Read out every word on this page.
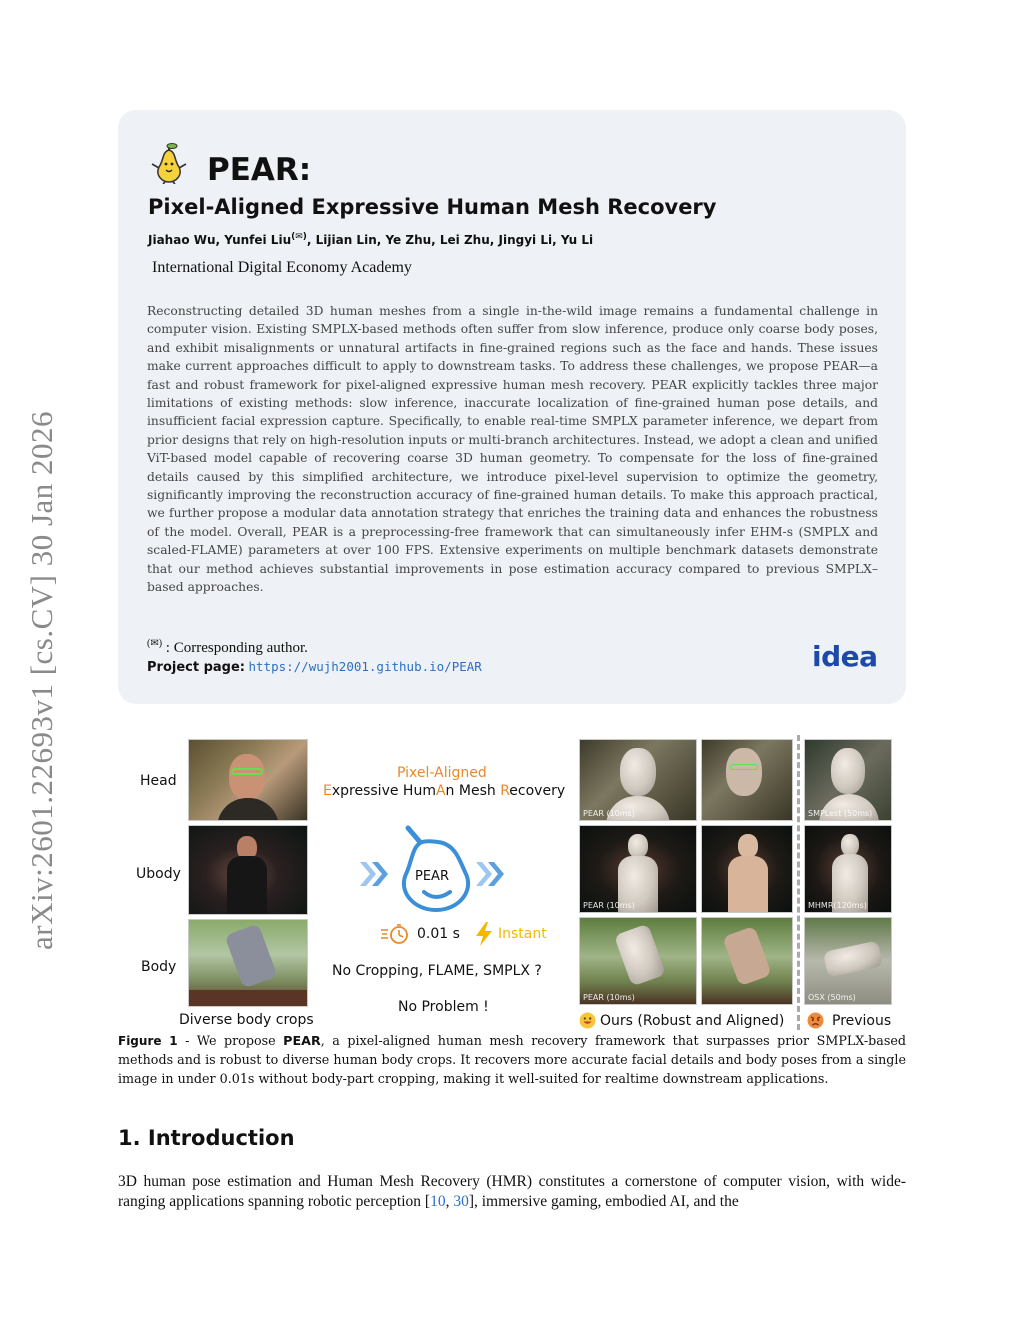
arXiv:2601.22693v1 [cs.CV] 30 Jan 2026
PEAR:
Pixel-Aligned Expressive Human Mesh Recovery
Jiahao Wu, Yunfei Liu(✉), Lijian Lin, Ye Zhu, Lei Zhu, Jingyi Li, Yu Li
International Digital Economy Academy
Reconstructing detailed 3D human meshes from a single in-the-wild image remains a fundamental challenge in computer vision. Existing SMPLX-based methods often suffer from slow inference, produce only coarse body poses, and exhibit misalignments or unnatural artifacts in fine-grained regions such as the face and hands. These issues make current approaches difficult to apply to downstream tasks. To address these challenges, we propose PEAR—a fast and robust framework for pixel-aligned expressive human mesh recovery. PEAR explicitly tackles three major limitations of existing methods: slow inference, inaccurate localization of fine-grained human pose details, and insufficient facial expression capture. Specifically, to enable real-time SMPLX parameter inference, we depart from prior designs that rely on high-resolution inputs or multi-branch architectures. Instead, we adopt a clean and unified ViT-based model capable of recovering coarse 3D human geometry. To compensate for the loss of fine-grained details caused by this simplified architecture, we introduce pixel-level supervision to optimize the geometry, significantly improving the reconstruction accuracy of fine-grained human details. To make this approach practical, we further propose a modular data annotation strategy that enriches the training data and enhances the robustness of the model. Overall, PEAR is a preprocessing-free framework that can simultaneously infer EHM-s (SMPLX and scaled-FLAME) parameters at over 100 FPS. Extensive experiments on multiple benchmark datasets demonstrate that our method achieves substantial improvements in pose estimation accuracy compared to previous SMPLX–based approaches.
(✉) : Corresponding author.
Project page: https://wujh2001.github.io/PEAR	idea
Head
Ubody
Body
Diverse body crops
Pixel-Aligned
Expressive HumAn Mesh Recovery
PEAR
0.01 s	Instant
No Cropping, FLAME, SMPLX ?
No Problem !
PEAR (10ms)
PEAR (10ms)
PEAR (10ms)
SMPLest (50ms)
MHMR(120ms)
OSX (50ms)
Ours (Robust and Aligned)	Previous
Figure 1 - We propose PEAR, a pixel-aligned human mesh recovery framework that surpasses prior SMPLX-based methods and is robust to diverse human body crops. It recovers more accurate facial details and body poses from a single image in under 0.01s without body-part cropping, making it well-suited for realtime downstream applications.
1. Introduction
3D human pose estimation and Human Mesh Recovery (HMR) constitutes a cornerstone of computer vision, with wide-ranging applications spanning robotic perception [10, 30], immersive gaming, embodied AI, and the
